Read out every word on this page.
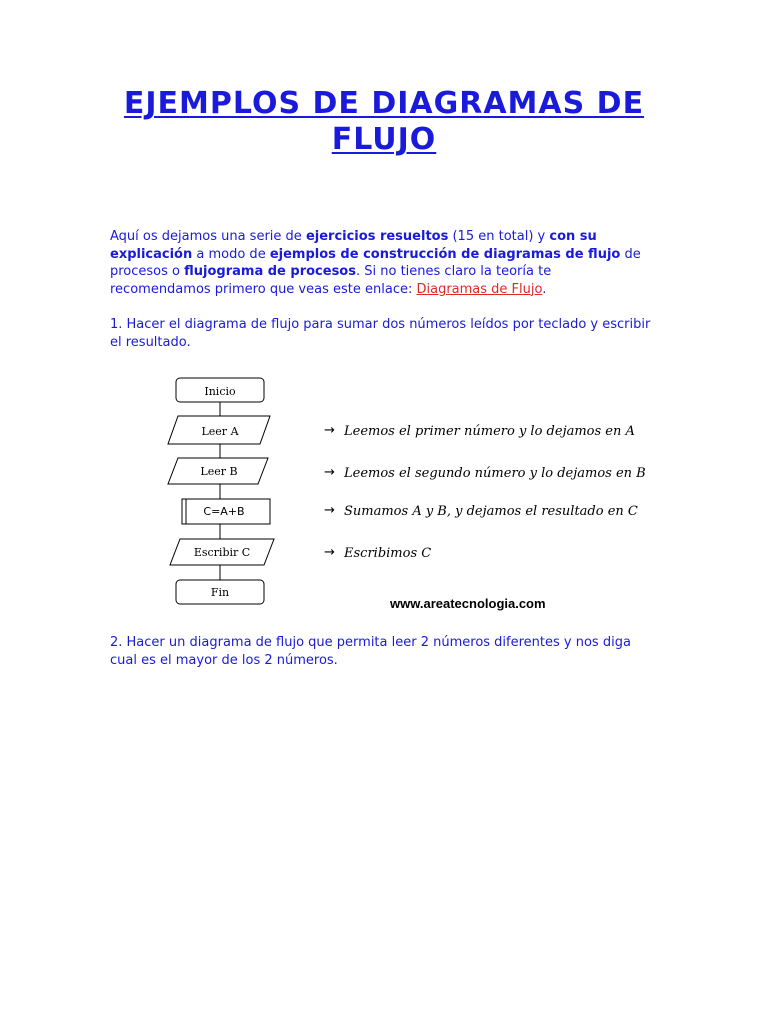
EJEMPLOS DE DIAGRAMAS DE
FLUJO

Aquí os dejamos una serie de ejercicios resueltos (15 en total) y con su explicación a modo de ejemplos de construcción de diagramas de flujo de procesos o flujograma de procesos. Si no tienes claro la teoría te recomendamos primero que veas este enlace: Diagramas de Flujo.

1. Hacer el diagrama de flujo para sumar dos números leídos por teclado y escribir el resultado.

Inicio
Leer A
Leer B
C=A+B
Escribir C
Fin
→ Leemos el primer número y lo dejamos en A
→ Leemos el segundo número y lo dejamos en B
→ Sumamos A y B, y dejamos el resultado en C
→ Escribimos C
www.areatecnologia.com

2. Hacer un diagrama de flujo que permita leer 2 números diferentes y nos diga cual es el mayor de los 2 números.
